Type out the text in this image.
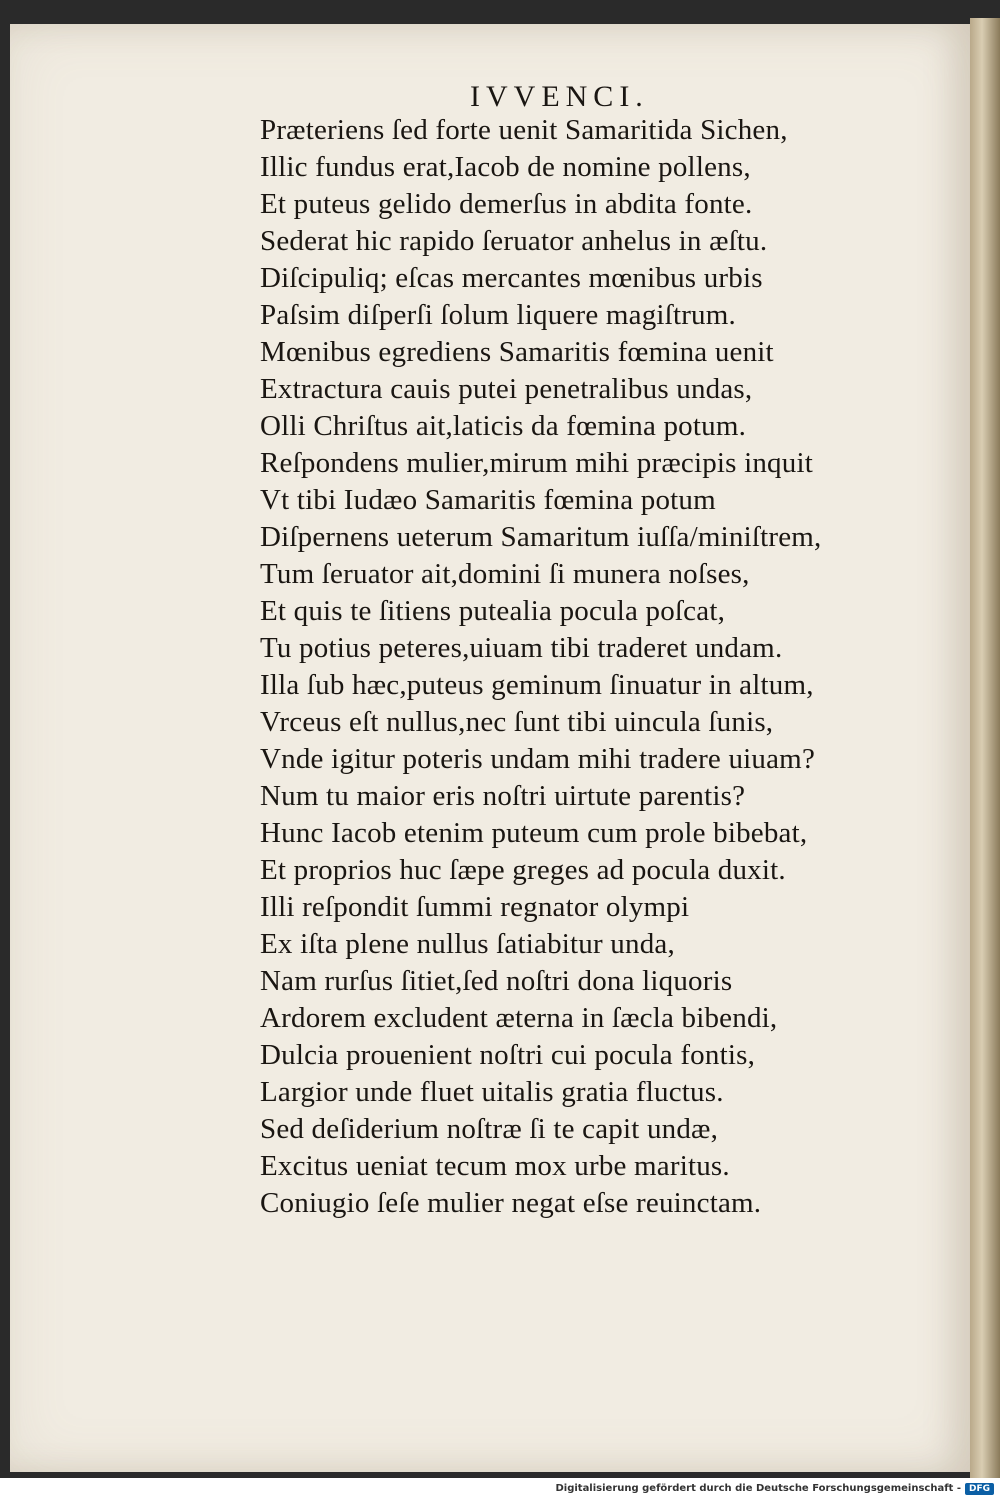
IVVENCI.
Præteriens ſed forte uenit Samaritida Sichen,
Illic fundus erat,Iacob de nomine pollens,
Et puteus gelido demerſus in abdita fonte.
Sederat hic rapido ſeruator anhelus in æſtu.
Diſcipuliq; eſcas mercantes mœnibus urbis
Paſsim diſperſi ſolum liquere magiſtrum.
Mœnibus egrediens Samaritis fœmina uenit
Extractura cauis putei penetralibus undas,
Olli Chriſtus ait,laticis da fœmina potum.
Reſpondens mulier,mirum mihi præcipis inquit
Vt tibi Iudæo Samaritis fœmina potum
Diſpernens ueterum Samaritum iuſſa/miniſtrem,
Tum ſeruator ait,domini ſi munera noſses,
Et quis te ſitiens putealia pocula poſcat,
Tu potius peteres,uiuam tibi traderet undam.
Illa ſub hæc,puteus geminum ſinuatur in altum,
Vrceus eſt nullus,nec ſunt tibi uincula ſunis,
Vnde igitur poteris undam mihi tradere uiuam?
Num tu maior eris noſtri uirtute parentis?
Hunc Iacob etenim puteum cum prole bibebat,
Et proprios huc ſæpe greges ad pocula duxit.
Illi reſpondit ſummi regnator olympi
Ex iſta plene nullus ſatiabitur unda,
Nam rurſus ſitiet,ſed noſtri dona liquoris
Ardorem excludent æterna in ſæcla bibendi,
Dulcia prouenient noſtri cui pocula fontis,
Largior unde fluet uitalis gratia fluctus.
Sed deſiderium noſtræ ſi te capit undæ,
Excitus ueniat tecum mox urbe maritus.
Coniugio ſeſe mulier negat eſse reuinctam.
Digitalisierung gefördert durch die Deutsche Forschungsgemeinschaft - DFG
